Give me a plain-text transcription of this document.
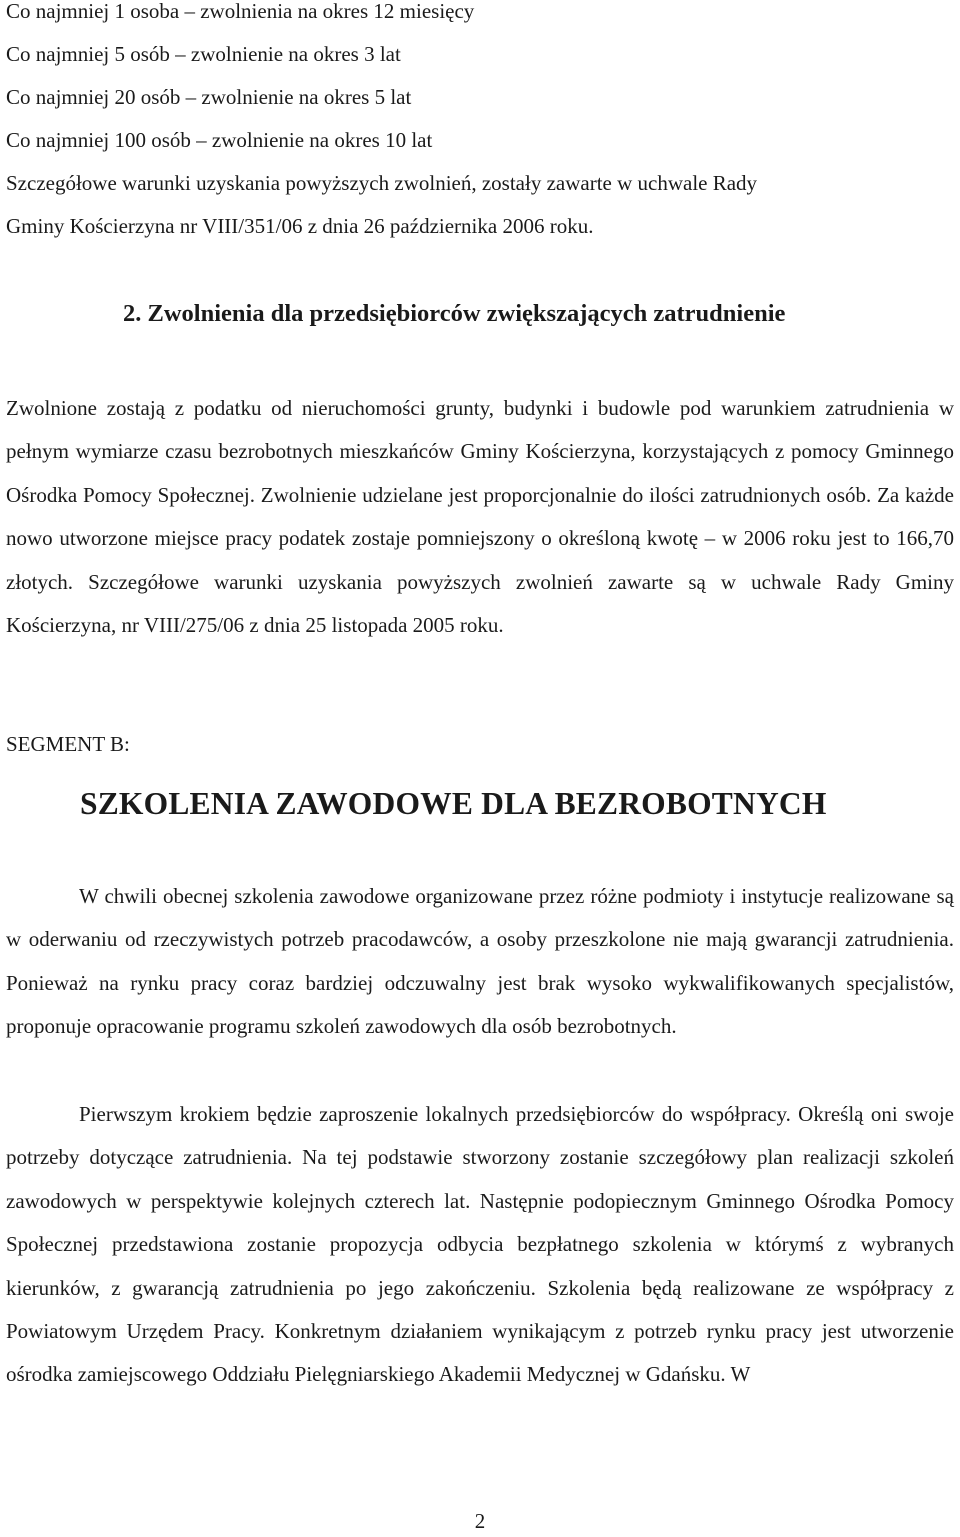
Co najmniej 1 osoba – zwolnienia na okres 12 miesięcy

Co najmniej 5 osób – zwolnienie na okres 3 lat

Co najmniej 20 osób – zwolnienie na okres 5 lat

Co najmniej 100 osób – zwolnienie na okres 10 lat

Szczegółowe warunki uzyskania powyższych zwolnień, zostały zawarte w uchwale Rady

Gminy Kościerzyna nr VIII/351/06 z dnia 26 października 2006 roku.

2. Zwolnienia dla przedsiębiorców zwiększających zatrudnienie

Zwolnione zostają z podatku od nieruchomości grunty, budynki i budowle pod warunkiem zatrudnienia w pełnym wymiarze czasu bezrobotnych mieszkańców Gminy Kościerzyna, korzystających z pomocy Gminnego Ośrodka Pomocy Społecznej. Zwolnienie udzielane jest proporcjonalnie do ilości zatrudnionych osób. Za każde nowo utworzone miejsce pracy podatek zostaje pomniejszony o określoną kwotę – w 2006 roku jest to 166,70 złotych. Szczegółowe warunki uzyskania powyższych zwolnień zawarte są w uchwale Rady Gminy Kościerzyna, nr VIII/275/06 z dnia 25 listopada 2005 roku.

SEGMENT B:

SZKOLENIA ZAWODOWE DLA BEZROBOTNYCH

W chwili obecnej szkolenia zawodowe organizowane przez różne podmioty i instytucje realizowane są w oderwaniu od rzeczywistych potrzeb pracodawców, a osoby przeszkolone nie mają gwarancji zatrudnienia. Ponieważ na rynku pracy coraz bardziej odczuwalny jest brak wysoko wykwalifikowanych specjalistów, proponuje opracowanie programu szkoleń zawodowych dla osób bezrobotnych.

Pierwszym krokiem będzie zaproszenie lokalnych przedsiębiorców do współpracy. Określą oni swoje potrzeby dotyczące zatrudnienia. Na tej podstawie stworzony zostanie szczegółowy plan realizacji szkoleń zawodowych w perspektywie kolejnych czterech lat. Następnie podopiecznym Gminnego Ośrodka Pomocy Społecznej przedstawiona zostanie propozycja odbycia bezpłatnego szkolenia w którymś z wybranych kierunków, z gwarancją zatrudnienia po jego zakończeniu. Szkolenia będą realizowane ze współpracy z Powiatowym Urzędem Pracy. Konkretnym działaniem wynikającym z potrzeb rynku pracy jest utworzenie ośrodka zamiejscowego Oddziału Pielęgniarskiego Akademii Medycznej w Gdańsku. W

2
